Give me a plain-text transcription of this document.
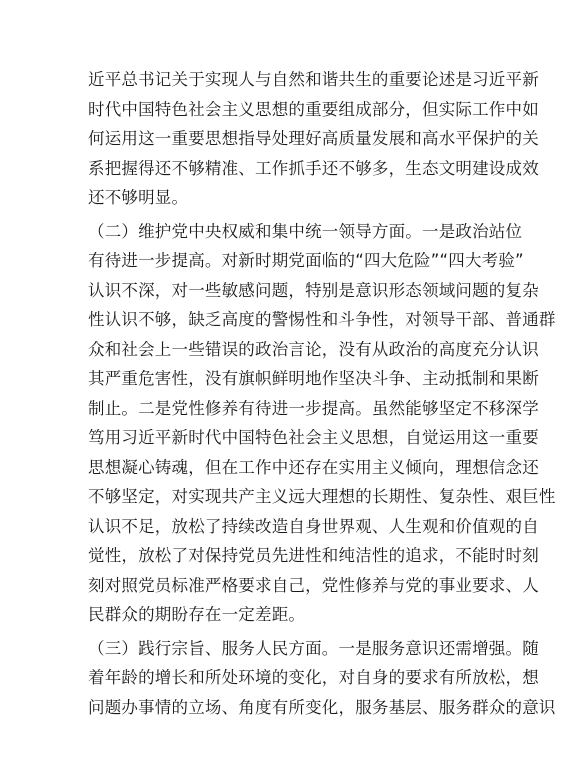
近平总书记关于实现人与自然和谐共生的重要论述是习近平新
时代中国特色社会主义思想的重要组成部分，但实际工作中如
何运用这一重要思想指导处理好高质量发展和高水平保护的关
系把握得还不够精准、工作抓手还不够多，生态文明建设成效
还不够明显。
（二）维护党中央权威和集中统一领导方面。一是政治站位
有待进一步提高。对新时期党面临的“四大危险”“四大考验”
认识不深，对一些敏感问题，特别是意识形态领域问题的复杂
性认识不够，缺乏高度的警惕性和斗争性，对领导干部、普通群
众和社会上一些错误的政治言论，没有从政治的高度充分认识
其严重危害性，没有旗帜鲜明地作坚决斗争、主动抵制和果断
制止。二是党性修养有待进一步提高。虽然能够坚定不移深学
笃用习近平新时代中国特色社会主义思想，自觉运用这一重要
思想凝心铸魂，但在工作中还存在实用主义倾向，理想信念还
不够坚定，对实现共产主义远大理想的长期性、复杂性、艰巨性
认识不足，放松了持续改造自身世界观、人生观和价值观的自
觉性，放松了对保持党员先进性和纯洁性的追求，不能时时刻
刻对照党员标准严格要求自己，党性修养与党的事业要求、人
民群众的期盼存在一定差距。
（三）践行宗旨、服务人民方面。一是服务意识还需增强。随
着年龄的增长和所处环境的变化，对自身的要求有所放松，想
问题办事情的立场、角度有所变化，服务基层、服务群众的意识
